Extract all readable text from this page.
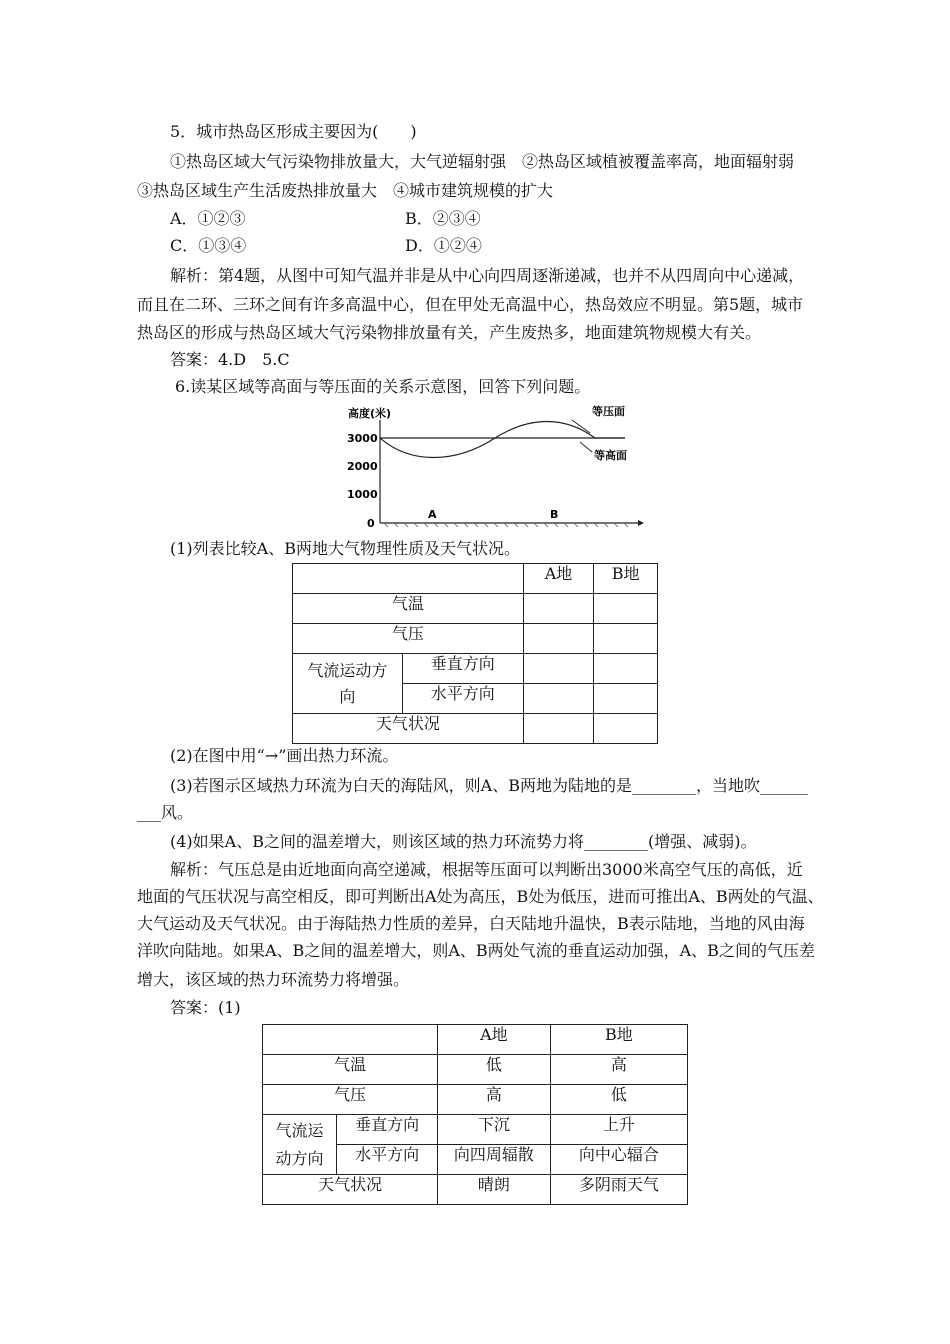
5．城市热岛区形成主要因为(　　)
①热岛区域大气污染物排放量大，大气逆辐射强　②热岛区域植被覆盖率高，地面辐射弱
③热岛区域生产生活废热排放量大　④城市建筑规模的扩大
A．①②③	B．②③④
C．①③④	D．①②④
解析：第4题，从图中可知气温并非是从中心向四周逐渐递减，也并不从四周向中心递减，
而且在二环、三环之间有许多高温中心，但在甲处无高温中心，热岛效应不明显。第5题，城市
热岛区的形成与热岛区域大气污染物排放量有关，产生废热多，地面建筑物规模大有关。
答案：4.D　5.C
6.读某区域等高面与等压面的关系示意图，回答下列问题。
高度(米)
3000
2000
1000
0
等压面
等高面
A	B
(1)列表比较A、B两地大气物理性质及天气状况。
		A地	B地
气温			
气压			

气流运动方
向	垂直方向		
	水平方向		
天气状况			
(2)在图中用“→”画出热力环流。
(3)若图示区域热力环流为白天的海陆风，则A、B两地为陆地的是________，当地吹______
___风。
(4)如果A、B之间的温差增大，则该区域的热力环流势力将________(增强、减弱)。
解析：气压总是由近地面向高空递减，根据等压面可以判断出3000米高空气压的高低，近
地面的气压状况与高空相反，即可判断出A处为高压，B处为低压，进而可推出A、B两处的气温、
大气运动及天气状况。由于海陆热力性质的差异，白天陆地升温快，B表示陆地，当地的风由海
洋吹向陆地。如果A、B之间的温差增大，则A、B两处气流的垂直运动加强，A、B之间的气压差
增大，该区域的热力环流势力将增强。
答案：(1)
		A地	B地
气温		低	高
气压		高	低

气流运
动方向	垂直方向	下沉	上升
	水平方向	向四周辐散	向中心辐合
天气状况		晴朗	多阴雨天气
